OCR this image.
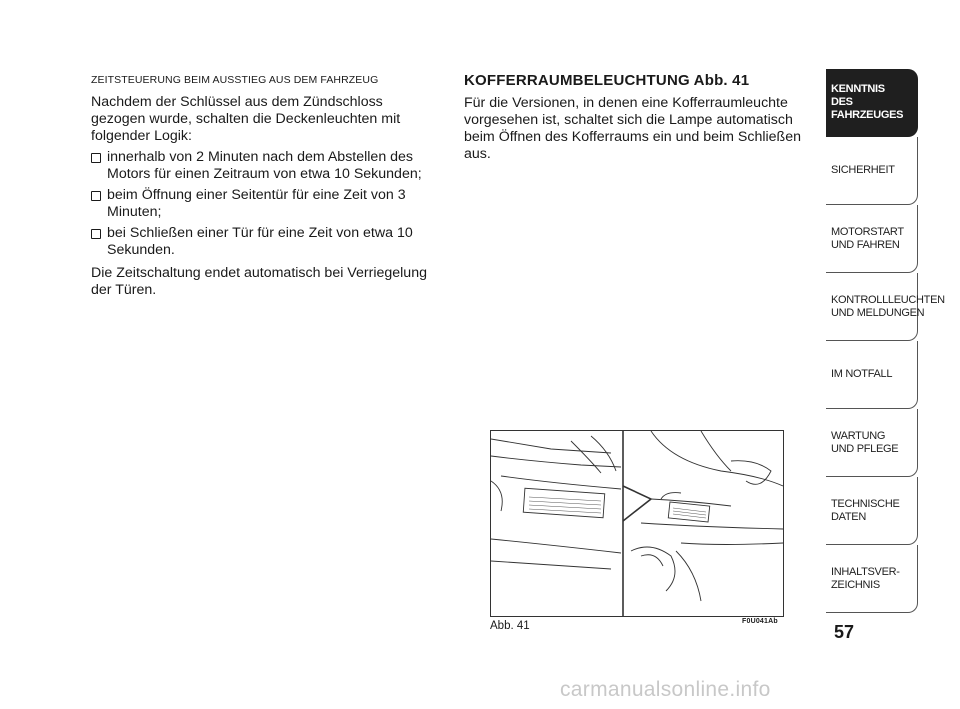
ZEITSTEUERUNG BEIM AUSSTIEG AUS DEM FAHRZEUG

Nachdem der Schlüssel aus dem Zündschloss gezogen wurde, schalten die Deckenleuchten mit folgender Logik:

innerhalb von 2 Minuten nach dem Abstellen des Motors für einen Zeitraum von etwa 10 Sekunden;
beim Öffnung einer Seitentür für eine Zeit von 3 Minuten;
bei Schließen einer Tür für eine Zeit von etwa 10 Sekunden.

Die Zeitschaltung endet automatisch bei Verriegelung der Türen.

KOFFERRAUMBELEUCHTUNG Abb. 41

Für die Versionen, in denen eine Kofferraumleuchte vorgesehen ist, schaltet sich die Lampe automatisch beim Öffnen des Kofferraums ein und beim Schließen aus.

Abb. 41	F0U041Ab
KENNTNIS
DES FAHRZEUGES
SICHERHEIT
MOTORSTART
UND FAHREN
KONTROLLLEUCHTEN
UND MELDUNGEN
IM NOTFALL
WARTUNG
UND PFLEGE
TECHNISCHE
DATEN
INHALTSVER-
ZEICHNIS
57
carmanualsonline.info
